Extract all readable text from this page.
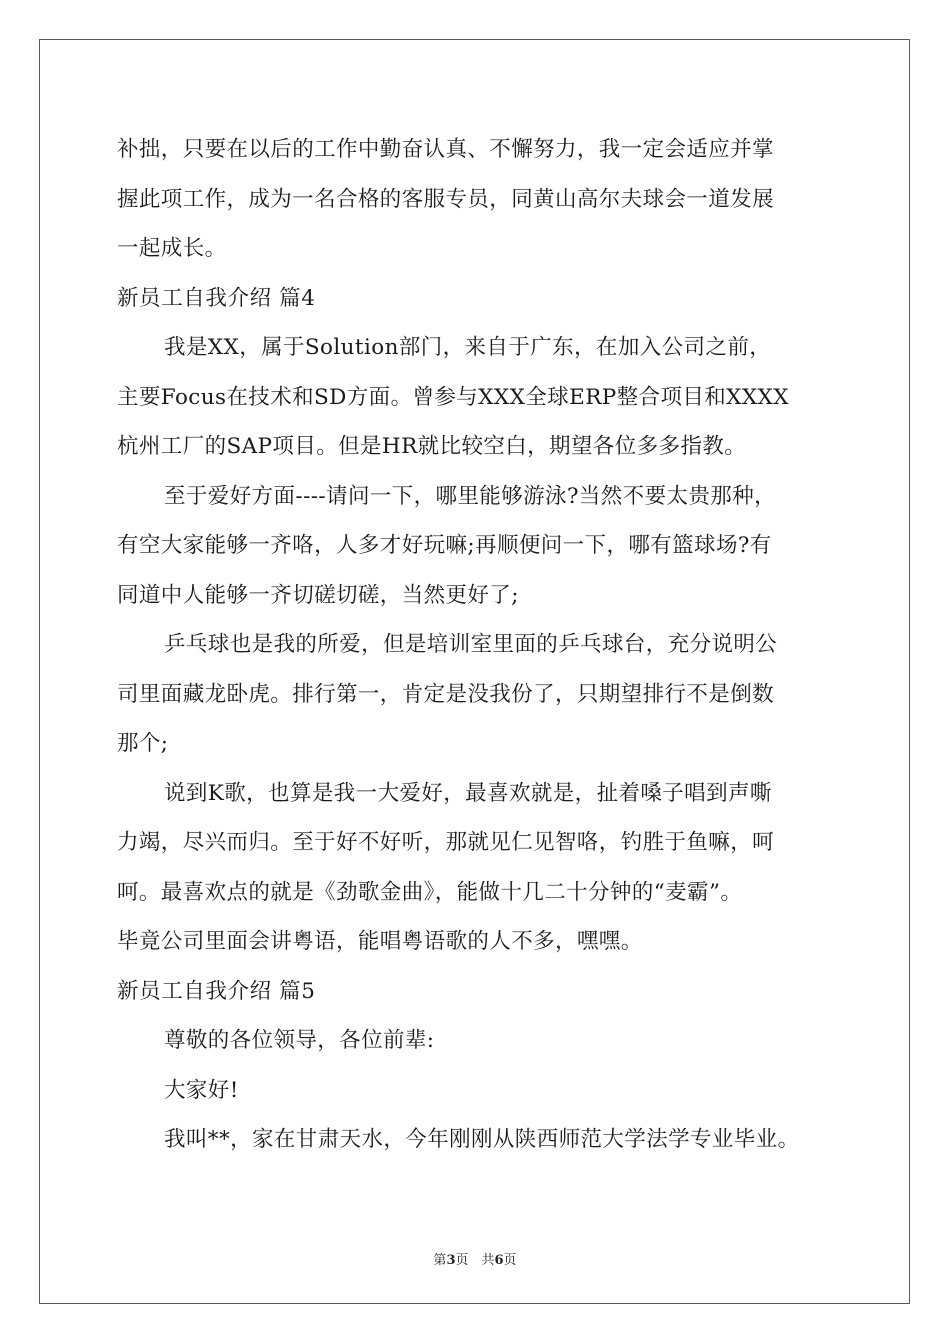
补拙，只要在以后的工作中勤奋认真、不懈努力，我一定会适应并掌
握此项工作，成为一名合格的客服专员，同黄山高尔夫球会一道发展
一起成长。
新员工自我介绍 篇4
我是XX，属于Solution部门，来自于广东，在加入公司之前，
主要Focus在技术和SD方面。曾参与XXX全球ERP整合项目和XXXX
杭州工厂的SAP项目。但是HR就比较空白，期望各位多多指教。
至于爱好方面----请问一下，哪里能够游泳?当然不要太贵那种，
有空大家能够一齐咯，人多才好玩嘛;再顺便问一下，哪有篮球场?有
同道中人能够一齐切磋切磋，当然更好了;
乒乓球也是我的所爱，但是培训室里面的乒乓球台，充分说明公
司里面藏龙卧虎。排行第一，肯定是没我份了，只期望排行不是倒数
那个;
说到K歌，也算是我一大爱好，最喜欢就是，扯着嗓子唱到声嘶
力竭，尽兴而归。至于好不好听，那就见仁见智咯，钓胜于鱼嘛，呵
呵。最喜欢点的就是《劲歌金曲》，能做十几二十分钟的“麦霸”。
毕竟公司里面会讲粤语，能唱粤语歌的人不多，嘿嘿。
新员工自我介绍 篇5
尊敬的各位领导，各位前辈:
大家好!
我叫**，家在甘肃天水，今年刚刚从陕西师范大学法学专业毕业。
第3页　共6页
